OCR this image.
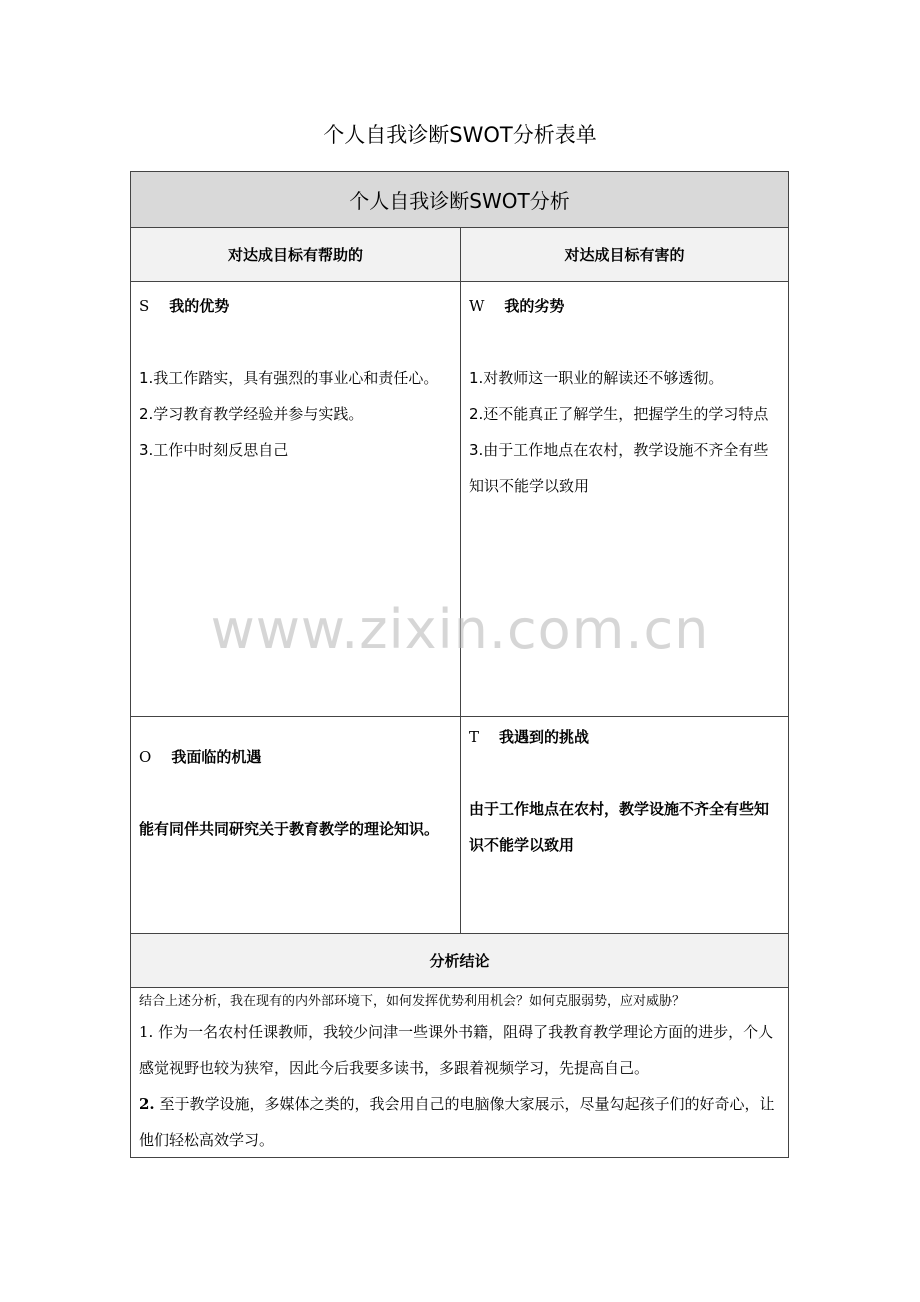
个人自我诊断SWOT分析表单
个人自我诊断SWOT分析
对达成目标有帮助的	对达成目标有害的
S 我的优势

1.我工作踏实，具有强烈的事业心和责任心。

2.学习教育教学经验并参与实践。

3.工作中时刻反思自己

W 我的劣势

1.对教师这一职业的解读还不够透彻。

2.还不能真正了解学生，把握学生的学习特点

3.由于工作地点在农村，教学设施不齐全有些知识不能学以致用

O 我面临的机遇

能有同伴共同研究关于教育教学的理论知识。

T 我遇到的挑战

由于工作地点在农村，教学设施不齐全有些知识不能学以致用

分析结论
结合上述分析，我在现有的内外部环境下，如何发挥优势利用机会？如何克服弱势，应对威胁？

1. 作为一名农村任课教师，我较少问津一些课外书籍，阻碍了我教育教学理论方面的进步，个人感觉视野也较为狭窄，因此今后我要多读书，多跟着视频学习，先提高自己。

2. 至于教学设施，多媒体之类的，我会用自己的电脑像大家展示，尽量勾起孩子们的好奇心，让他们轻松高效学习。

www.zixin.com.cn
